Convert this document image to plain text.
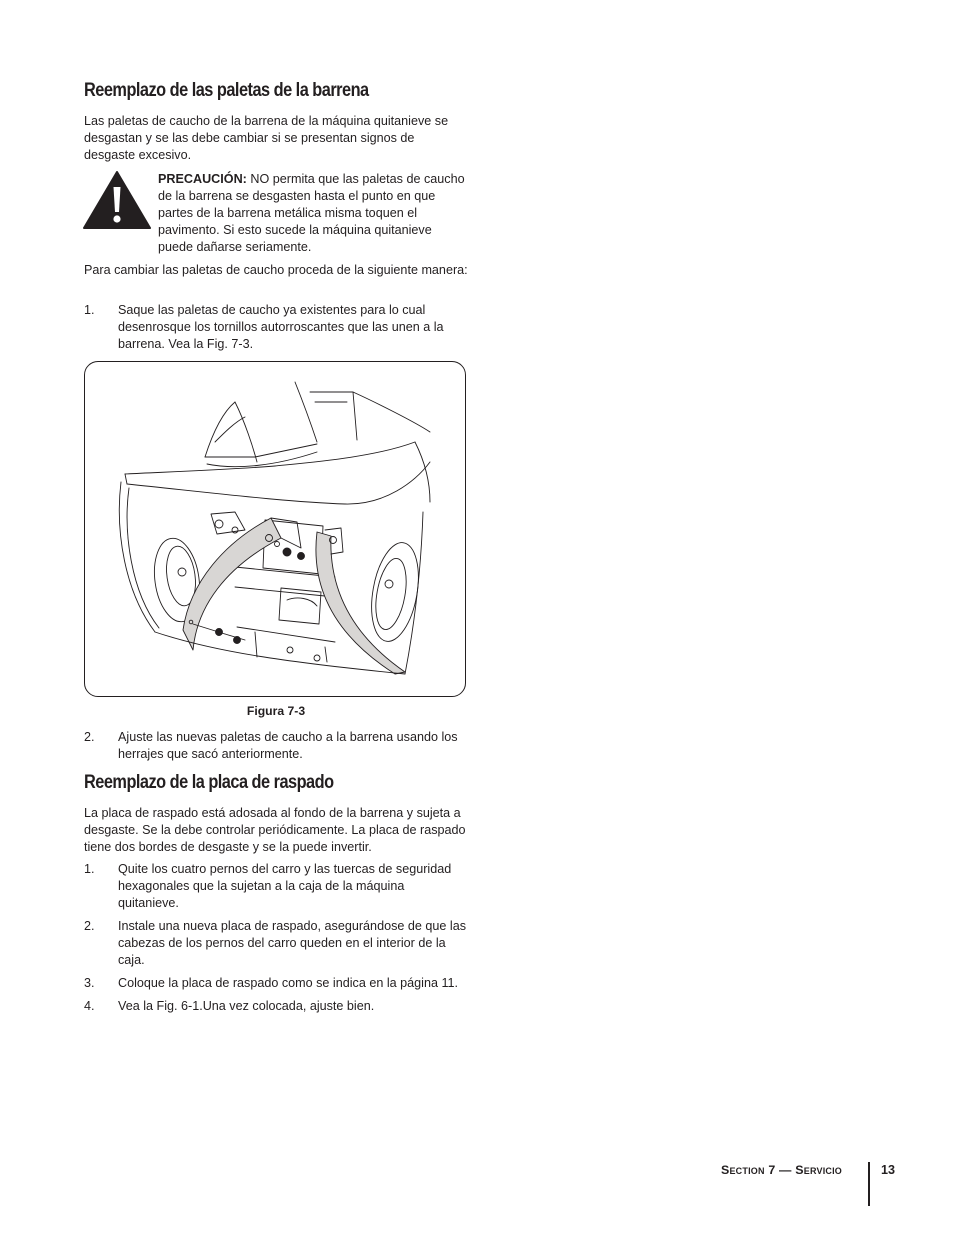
Reemplazo de las paletas de la barrena

Las paletas de caucho de la barrena de la máquina quitanieve se desgastan y se las debe cambiar si se presentan signos de desgaste excesivo.

PRECAUCIÓN: NO permita que las paletas de caucho de la barrena se desgasten hasta el punto en que partes de la barrena metálica misma toquen el pavimento. Si esto sucede la máquina quitanieve puede dañarse seriamente.

Para cambiar las paletas de caucho proceda de la siguiente manera:

1. Saque las paletas de caucho ya existentes para lo cual desenrosque los tornillos autorroscantes que las unen a la barrena. Vea la Fig. 7-3.
Figura 7-3
2. Ajuste las nuevas paletas de caucho a la barrena usando los herrajes que sacó anteriormente.
Reemplazo de la placa de raspado

La placa de raspado está adosada al fondo de la barrena y sujeta a desgaste. Se la debe controlar periódicamente. La placa de raspado tiene dos bordes de desgaste y se la puede invertir.

1. Quite los cuatro pernos del carro y las tuercas de seguridad hexagonales que la sujetan a la caja de la máquina quitanieve.
2. Instale una nueva placa de raspado, asegurándose de que las cabezas de los pernos del carro queden en el interior de la caja.
3. Coloque la placa de raspado como se indica en la página 11.
4. Vea la Fig. 6-1.Una vez colocada, ajuste bien.
Section 7 — Servicio	13
